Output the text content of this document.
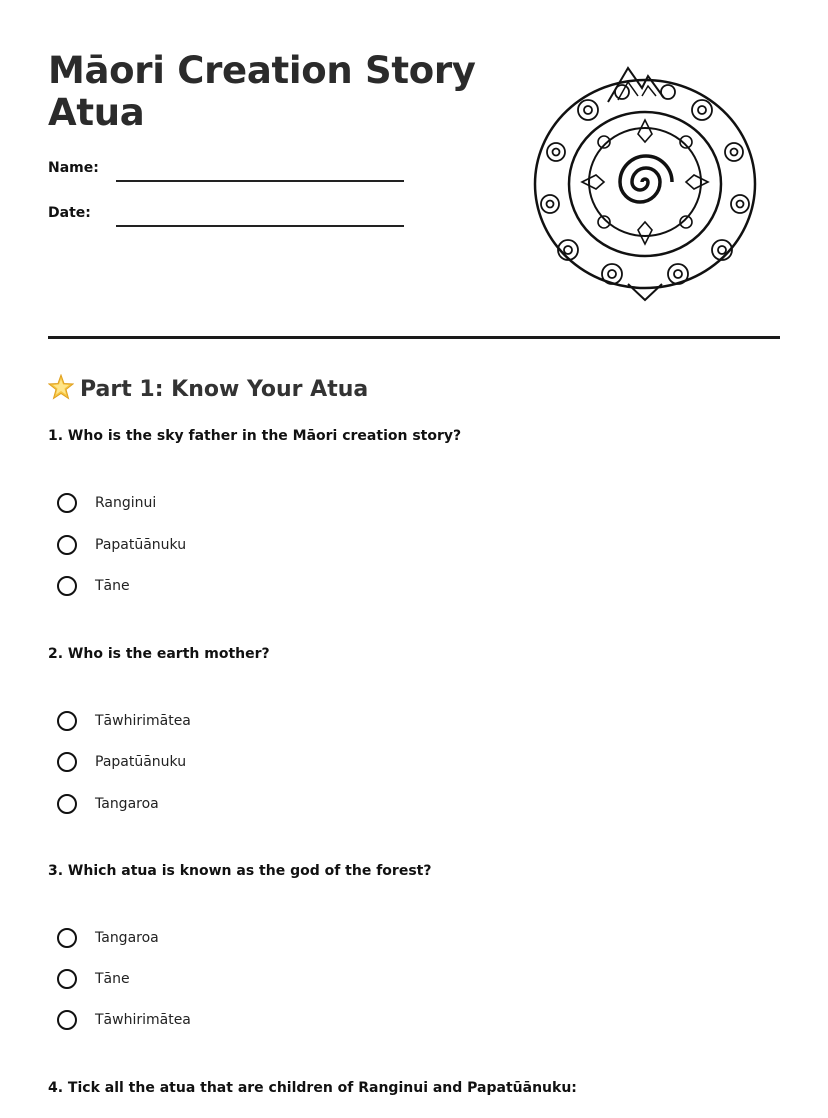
Māori Creation Story
Atua
Name:
Date:
Part 1: Know Your Atua

1. Who is the sky father in the Māori creation story?

Ranginui
Papatūānuku
Tāne

2. Who is the earth mother?

Tāwhirimātea
Papatūānuku
Tangaroa

3. Which atua is known as the god of the forest?

Tangaroa
Tāne
Tāwhirimātea

4. Tick all the atua that are children of Ranginui and Papatūānuku:
